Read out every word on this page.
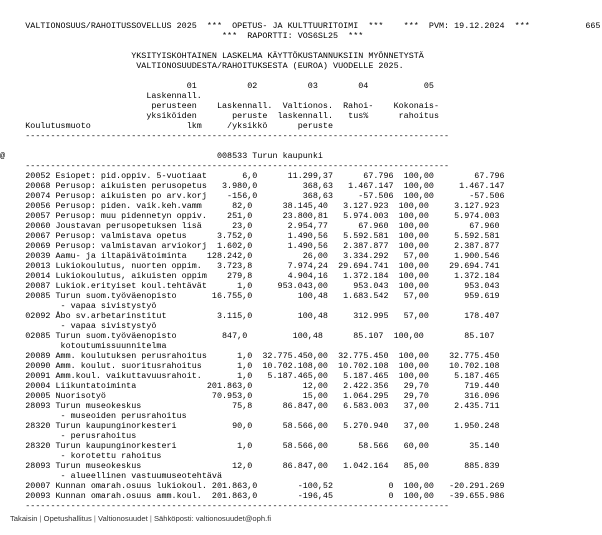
VALTIONOSUUS/RAHOITUSSOVELLUS 2025  ***  OPETUS- JA KULTTUURITOIMI  ***    ***  PVM: 19.12.2024  ***           665
***  RAPORTTI: VOS6SL25  ***
YKSITYISKOHTAINEN LASKELMA KÄYTTÖKUSTANNUKSIIN MYÖNNETYSTÄ
VALTIONOSUUDESTA/RAHOITUKSESTA (EUROA) VUODELLE 2025.
01          02          03        04           05
Laskennall.
perusteen    Laskennall.  Valtionos.  Rahoi-    Kokonais-
yksiköiden       peruste  laskennall.   tus%      rahoitus
Koulutusmuoto                   lkm     /yksikkö      peruste
------------------------------------------------------------------------------------
@                                          008533 Turun kaupunki
------------------------------------------------------------------------------------
20052 Esiopet: pid.oppiv. 5-vuotiaat       6,0      11.299,37      67.796  100,00        67.796
20068 Perusop: aikuisten perusopetus   3.980,0         368,63   1.467.147  100,00     1.467.147
20074 Perusop: aikuisten po arv.korj    -156,0         368,63     -57.506  100,00       -57.506
20056 Perusop: piden. vaik.keh.vamm      82,0      38.145,40   3.127.923  100,00     3.127.923
20057 Perusop: muu pidennetyn oppiv.    251,0      23.800,81   5.974.003  100,00     5.974.003
20060 Joustavan perusopetuksen lisä      23,0       2.954,77      67.960  100,00        67.960
20067 Perusop: valmistava opetus      3.752,0       1.490,56   5.592.581  100,00     5.592.581
20069 Perusop: valmistavan arviokorj  1.602,0       1.490,56   2.387.877  100,00     2.387.877
20039 Aamu- ja iltapäivätoiminta    128.242,0          26,00   3.334.292   57,00     1.900.546
20013 Lukiokoulutus, nuorten oppim.   3.723,8       7.974,24  29.694.741  100,00    29.694.741
20014 Lukiokoulutus, aikuisten oppim    279,8       4.904,16   1.372.184  100,00     1.372.184
20087 Lukiok.erityiset koul.tehtävät      1,0     953.043,00     953.043  100,00       953.043
20085 Turun suom.työväenopisto       16.755,0         100,48   1.683.542   57,00       959.619
- vapaa sivistystyö
02092 Åbo sv.arbetarinstitut          3.115,0         100,48     312.995   57,00       178.407
- vapaa sivistystyö
02085 Turun suom.työväenopisto         847,0         100,48      85.107  100,00        85.107
kotoutumissuunnitelma
20089 Amm. koulutuksen perusrahoitus      1,0  32.775.450,00  32.775.450  100,00    32.775.450
20090 Amm. koulut. suoritusrahoitus       1,0  10.702.108,00  10.702.108  100,00    10.702.108
20091 Amm.koul. vaikuttavuusrahoit.       1,0   5.187.465,00   5.187.465  100,00     5.187.465
20004 Liikuntatoiminta              201.863,0          12,00   2.422.356   29,70       719.440
20005 Nuorisotyö                     70.953,0          15,00   1.064.295   29,70       316.096
28093 Turun museokeskus                  75,8      86.847,00   6.583.003   37,00     2.435.711
- museoiden perusrahoitus
28320 Turun kaupunginorkesteri           90,0      58.566,00   5.270.940   37,00     1.950.248
- perusrahoitus
28320 Turun kaupunginorkesteri            1,0      58.566,00      58.566   60,00        35.140
- korotettu rahoitus
28093 Turun museokeskus                  12,0      86.847,00   1.042.164   85,00       885.839
- alueellinen vastuumuseotehtävä
20007 Kunnan omarah.osuus lukiokoul. 201.863,0        -100,52           0  100,00   -20.291.269
20093 Kunnan omarah.osuus amm.koul.  201.863,0        -196,45           0  100,00   -39.655.986
------------------------------------------------------------------------------------
Takaisin | Opetushallitus | Valtionosuudet | Sähköposti: valtionosuudet@oph.fi
